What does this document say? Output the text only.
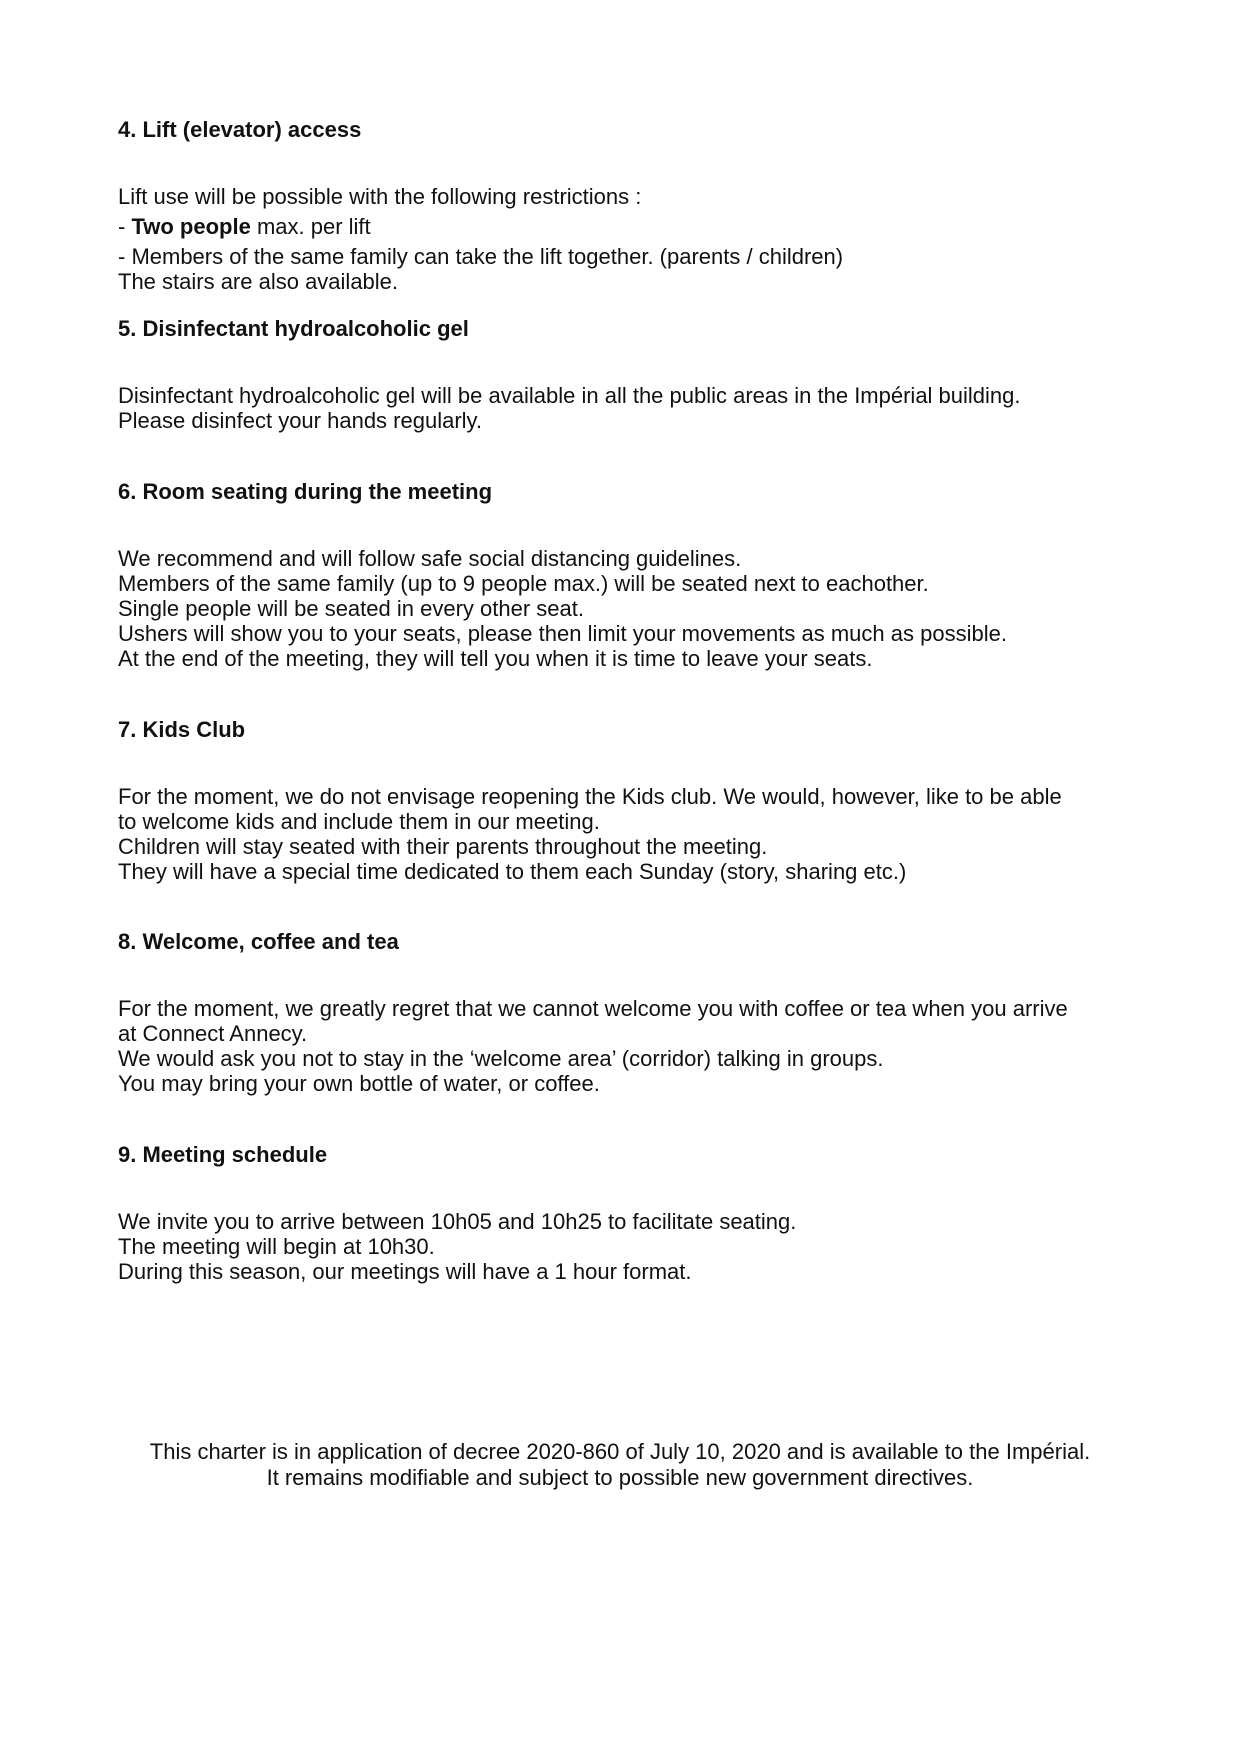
4. Lift (elevator) access

Lift use will be possible with the following restrictions :
- Two people max. per lift
- Members of the same family can take the lift together. (parents / children)
The stairs are also available.

5. Disinfectant hydroalcoholic gel

Disinfectant hydroalcoholic gel will be available in all the public areas in the Impérial building.
Please disinfect your hands regularly.

6. Room seating during the meeting

We recommend and will follow safe social distancing guidelines.
Members of the same family (up to 9 people max.) will be seated next to eachother.
Single people will be seated in every other seat.
Ushers will show you to your seats, please then limit your movements as much as possible.
At the end of the meeting, they will tell you when it is time to leave your seats.

7. Kids Club

For the moment, we do not envisage reopening the Kids club. We would, however, like to be able
to welcome kids and include them in our meeting.
Children will stay seated with their parents throughout the meeting.
They will have a special time dedicated to them each Sunday (story, sharing etc.)

8. Welcome, coffee and tea

For the moment, we greatly regret that we cannot welcome you with coffee or tea when you arrive
at Connect Annecy.
We would ask you not to stay in the ‘welcome area’ (corridor) talking in groups.
You may bring your own bottle of water, or coffee.

9. Meeting schedule

We invite you to arrive between 10h05 and 10h25 to facilitate seating.
The meeting will begin at 10h30.
During this season, our meetings will have a 1 hour format.
This charter is in application of decree 2020-860 of July 10, 2020 and is available to the Impérial.
It remains modifiable and subject to possible new government directives.
